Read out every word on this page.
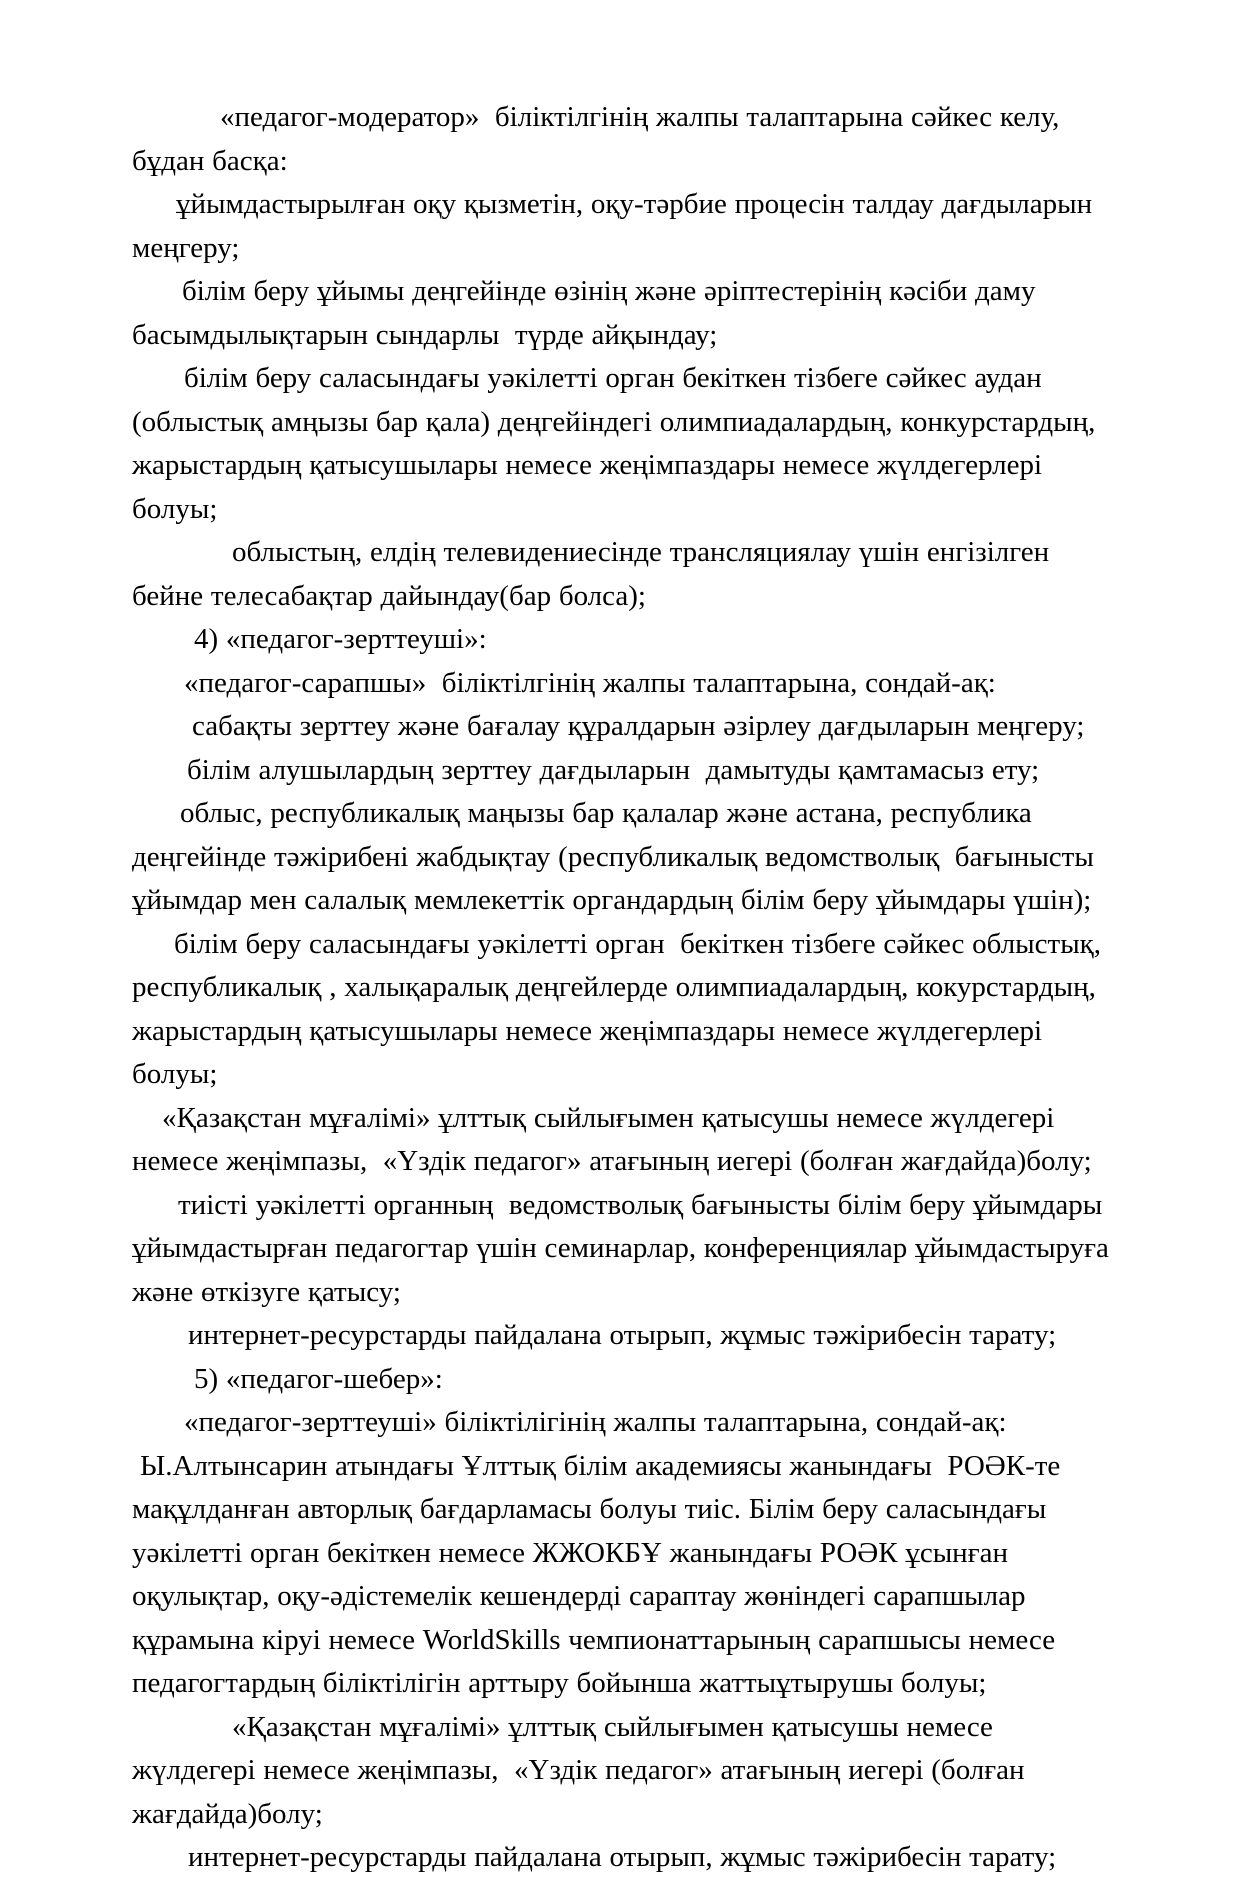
«педагог-модератор»  біліктілгінің жалпы талаптарына сәйкес келу, бұдан басқа:

ұйымдастырылған оқу қызметін, оқу-тәрбие процесін талдау дағдыларын меңгеру;

білім беру ұйымы деңгейінде өзінің және әріптестерінің кәсіби даму басымдылықтарын сындарлы  түрде айқындау;

білім беру саласындағы уәкілетті орган бекіткен тізбеге сәйкес аудан (облыстық амңызы бар қала) деңгейіндегі олимпиадалардың, конкурстардың, жарыстардың қатысушылары немесе жеңімпаздары немесе жүлдегерлері болуы;

облыстың, елдің телевидениесінде трансляциялау үшін енгізілген бейне телесабақтар дайындау(бар болса);

4) «педагог-зерттеуші»:

«педагог-сарапшы»  біліктілгінің жалпы талаптарына, сондай-ақ:

сабақты зерттеу және бағалау құралдарын әзірлеу дағдыларын меңгеру;

білім алушылардың зерттеу дағдыларын  дамытуды қамтамасыз ету;

облыс, республикалық маңызы бар қалалар және астана, республика деңгейінде тәжірибені жабдықтау (республикалық ведомстволық  бағынысты ұйымдар мен салалық мемлекеттік органдардың білім беру ұйымдары үшін);

білім беру саласындағы уәкілетті орган  бекіткен тізбеге сәйкес облыстық, республикалық , халықаралық деңгейлерде олимпиадалардың, кокурстардың, жарыстардың қатысушылары немесе жеңімпаздары немесе жүлдегерлері болуы;

«Қазақстан мұғалімі» ұлттық сыйлығымен қатысушы немесе жүлдегері немесе жеңімпазы,  «Үздік педагог» атағының иегері (болған жағдайда)болу;

тиісті уәкілетті органның  ведомстволық бағынысты білім беру ұйымдары ұйымдастырған педагогтар үшін семинарлар, конференциялар ұйымдастыруға және өткізуге қатысу;

интернет-ресурстарды пайдалана отырып, жұмыс тәжірибесін тарату;

5) «педагог-шебер»:

«педагог-зерттеуші» біліктілігінің жалпы талаптарына, сондай-ақ:

Ы.Алтынсарин атындағы Ұлттық білім академиясы жанындағы  РОӘК-те мақұлданған авторлық бағдарламасы болуы тиіс. Білім беру саласындағы уәкілетті орган бекіткен немесе ЖЖОКБҰ жанындағы РОӘК ұсынған оқулықтар, оқу-әдістемелік кешендерді сараптау жөніндегі сарапшылар құрамына кіруі немесе WorldSkills чемпионаттарының сарапшысы немесе педагогтардың біліктілігін арттыру бойынша жаттыұтырушы болуы;

«Қазақстан мұғалімі» ұлттық сыйлығымен қатысушы немесе жүлдегері немесе жеңімпазы,  «Үздік педагог» атағының иегері (болған жағдайда)болу;

интернет-ресурстарды пайдалана отырып, жұмыс тәжірибесін тарату;
